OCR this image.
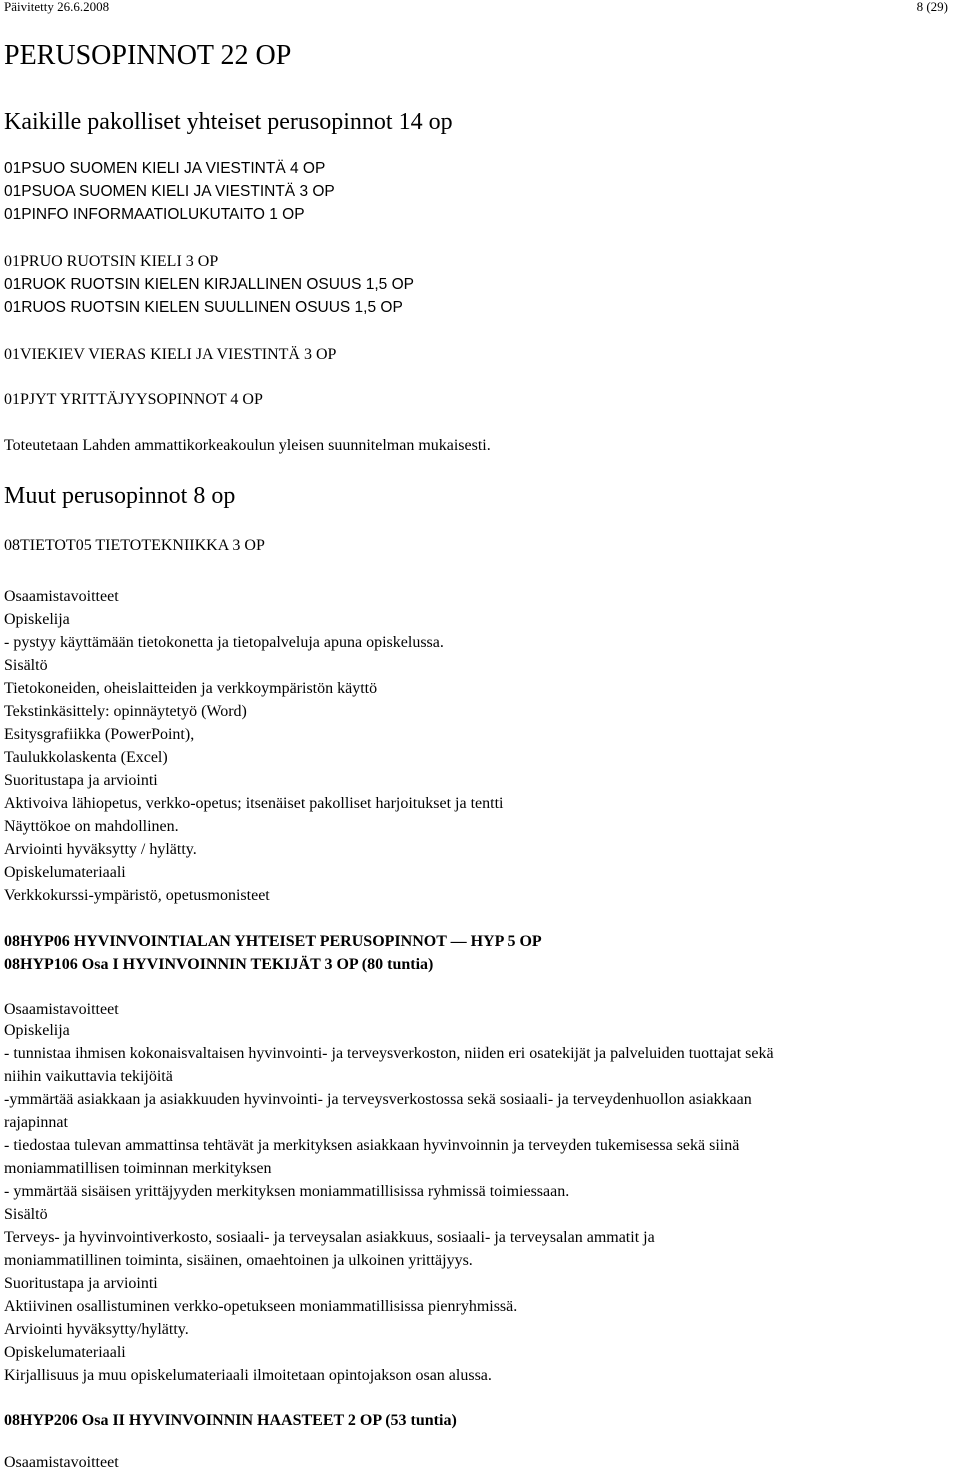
Päivitetty 26.6.2008	8 (29)
PERUSOPINNOT 22 OP
Kaikille pakolliset yhteiset perusopinnot 14 op
01PSUO SUOMEN KIELI JA VIESTINTÄ 4 OP
01PSUOA SUOMEN KIELI JA VIESTINTÄ 3 OP
01PINFO INFORMAATIOLUKUTAITO 1 OP
01PRUO RUOTSIN KIELI 3 OP
01RUOK RUOTSIN KIELEN KIRJALLINEN OSUUS 1,5 OP
01RUOS RUOTSIN KIELEN SUULLINEN OSUUS 1,5 OP
01VIEKIEV VIERAS KIELI JA VIESTINTÄ 3 OP
01PJYT YRITTÄJYYSOPINNOT 4 OP
Toteutetaan Lahden ammattikorkeakoulun yleisen suunnitelman mukaisesti.
Muut perusopinnot 8 op
08TIETOT05 TIETOTEKNIIKKA 3 OP
Osaamistavoitteet
Opiskelija
- pystyy käyttämään tietokonetta ja tietopalveluja apuna opiskelussa.
Sisältö
Tietokoneiden, oheislaitteiden ja verkkoympäristön käyttö
Tekstinkäsittely: opinnäytetyö (Word)
Esitysgrafiikka (PowerPoint),
Taulukkolaskenta (Excel)
Suoritustapa ja arviointi
Aktivoiva lähiopetus, verkko-opetus; itsenäiset pakolliset harjoitukset ja tentti
Näyttökoe on mahdollinen.
Arviointi hyväksytty / hylätty.
Opiskelumateriaali
Verkkokurssi-ympäristö, opetusmonisteet
08HYP06 HYVINVOINTIALAN YHTEISET PERUSOPINNOT — HYP 5 OP
08HYP106 Osa I HYVINVOINNIN TEKIJÄT 3 OP (80 tuntia)
Osaamistavoitteet
Opiskelija
- tunnistaa ihmisen kokonaisvaltaisen hyvinvointi- ja terveysverkoston, niiden eri osatekijät ja palveluiden tuottajat sekä
niihin vaikuttavia tekijöitä
-ymmärtää asiakkaan ja asiakkuuden hyvinvointi- ja terveysverkostossa sekä sosiaali- ja terveydenhuollon asiakkaan
rajapinnat
- tiedostaa tulevan ammattinsa tehtävät ja merkityksen asiakkaan hyvinvoinnin ja terveyden tukemisessa sekä siinä
moniammatillisen toiminnan merkityksen
- ymmärtää sisäisen yrittäjyyden merkityksen moniammatillisissa ryhmissä toimiessaan.
Sisältö
Terveys- ja hyvinvointiverkosto, sosiaali- ja terveysalan asiakkuus, sosiaali- ja terveysalan ammatit ja
moniammatillinen toiminta, sisäinen, omaehtoinen ja ulkoinen yrittäjyys.
Suoritustapa ja arviointi
Aktiivinen osallistuminen verkko-opetukseen moniammatillisissa pienryhmissä.
Arviointi hyväksytty/hylätty.
Opiskelumateriaali
Kirjallisuus ja muu opiskelumateriaali ilmoitetaan opintojakson osan alussa.
08HYP206 Osa II HYVINVOINNIN HAASTEET 2 OP (53 tuntia)
Osaamistavoitteet
